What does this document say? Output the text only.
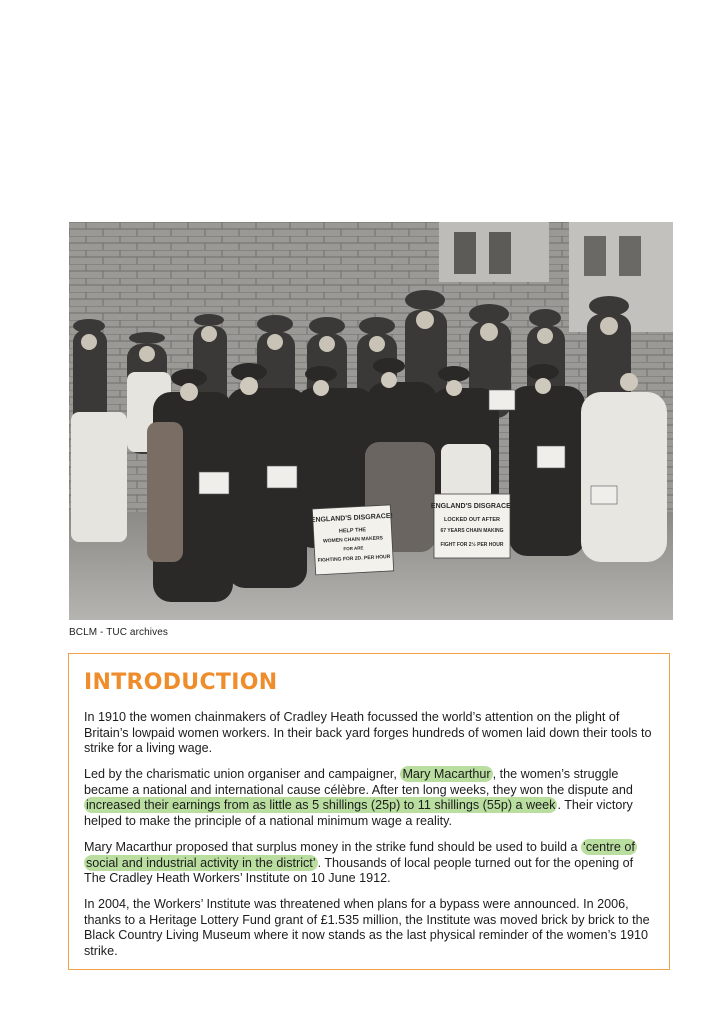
ENGLAND'S DISGRACE!
HELP THE
WOMEN CHAIN MAKERS
FOR ARE
FIGHTING FOR 2D. PER HOUR
ENGLAND'S DISGRACE!
LOCKED OUT AFTER
67 YEARS CHAIN MAKING
FIGHT FOR 2½ PER HOUR
BCLM - TUC archives
INTRODUCTION

In 1910 the women chainmakers of Cradley Heath focussed the world’s attention on the plight of Britain’s lowpaid women workers. In their back yard forges hundreds of women laid down their tools to strike for a living wage.

Led by the charismatic union organiser and campaigner, Mary Macarthur , the women’s struggle became a national and international cause célèbre. After ten long weeks, they won the dispute and increased their earnings from as little as 5 shillings (25p) to 11 shillings (55p) a week . Their victory helped to make the principle of a national minimum wage a reality.

Mary Macarthur proposed that surplus money in the strike fund should be used to build a ‘centre of social and industrial activity in the district’ . Thousands of local people turned out for the opening of The Cradley Heath Workers’ Institute on 10 June 1912.

In 2004, the Workers’ Institute was threatened when plans for a bypass were announced. In 2006, thanks to a Heritage Lottery Fund grant of £1.535 million, the Institute was moved brick by brick to the Black Country Living Museum where it now stands as the last physical reminder of the women’s 1910 strike.
